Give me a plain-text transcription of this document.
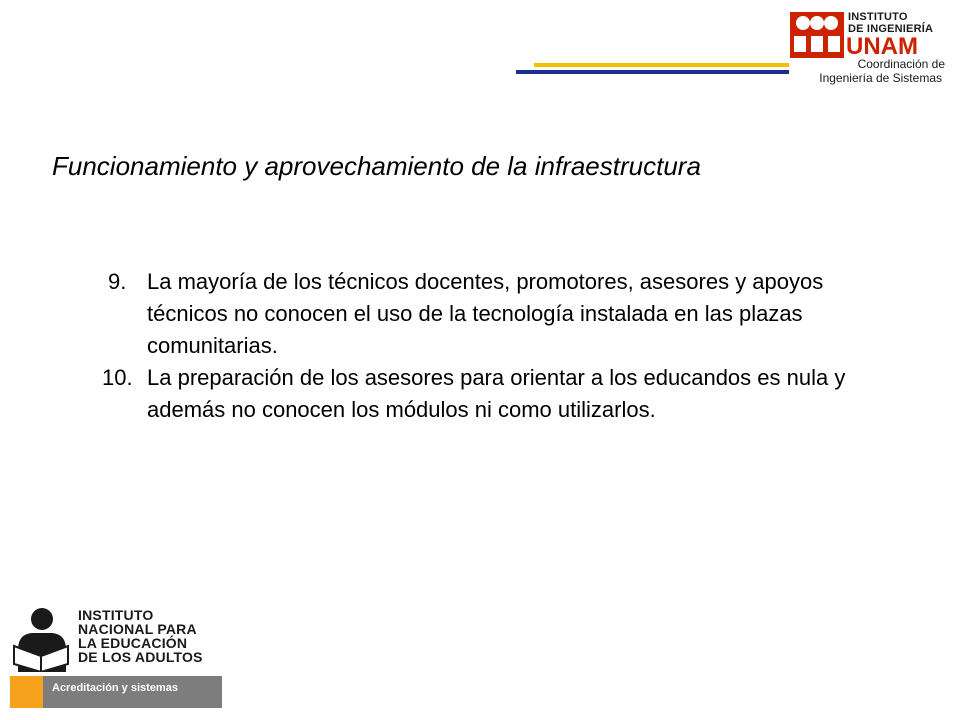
INSTITUTO
DE INGENIERÍA
UNAM
Coordinación de
Ingeniería de Sistemas
Funcionamiento y aprovechamiento de la infraestructura
9. La mayoría de los técnicos docentes, promotores, asesores y apoyos técnicos no conocen el uso de la tecnología instalada en las plazas comunitarias.
10. La preparación de los asesores para orientar a los educandos es nula y además no conocen los módulos ni como utilizarlos.
INSTITUTO
NACIONAL PARA
LA EDUCACIÓN
DE LOS ADULTOS
Acreditación y sistemas
